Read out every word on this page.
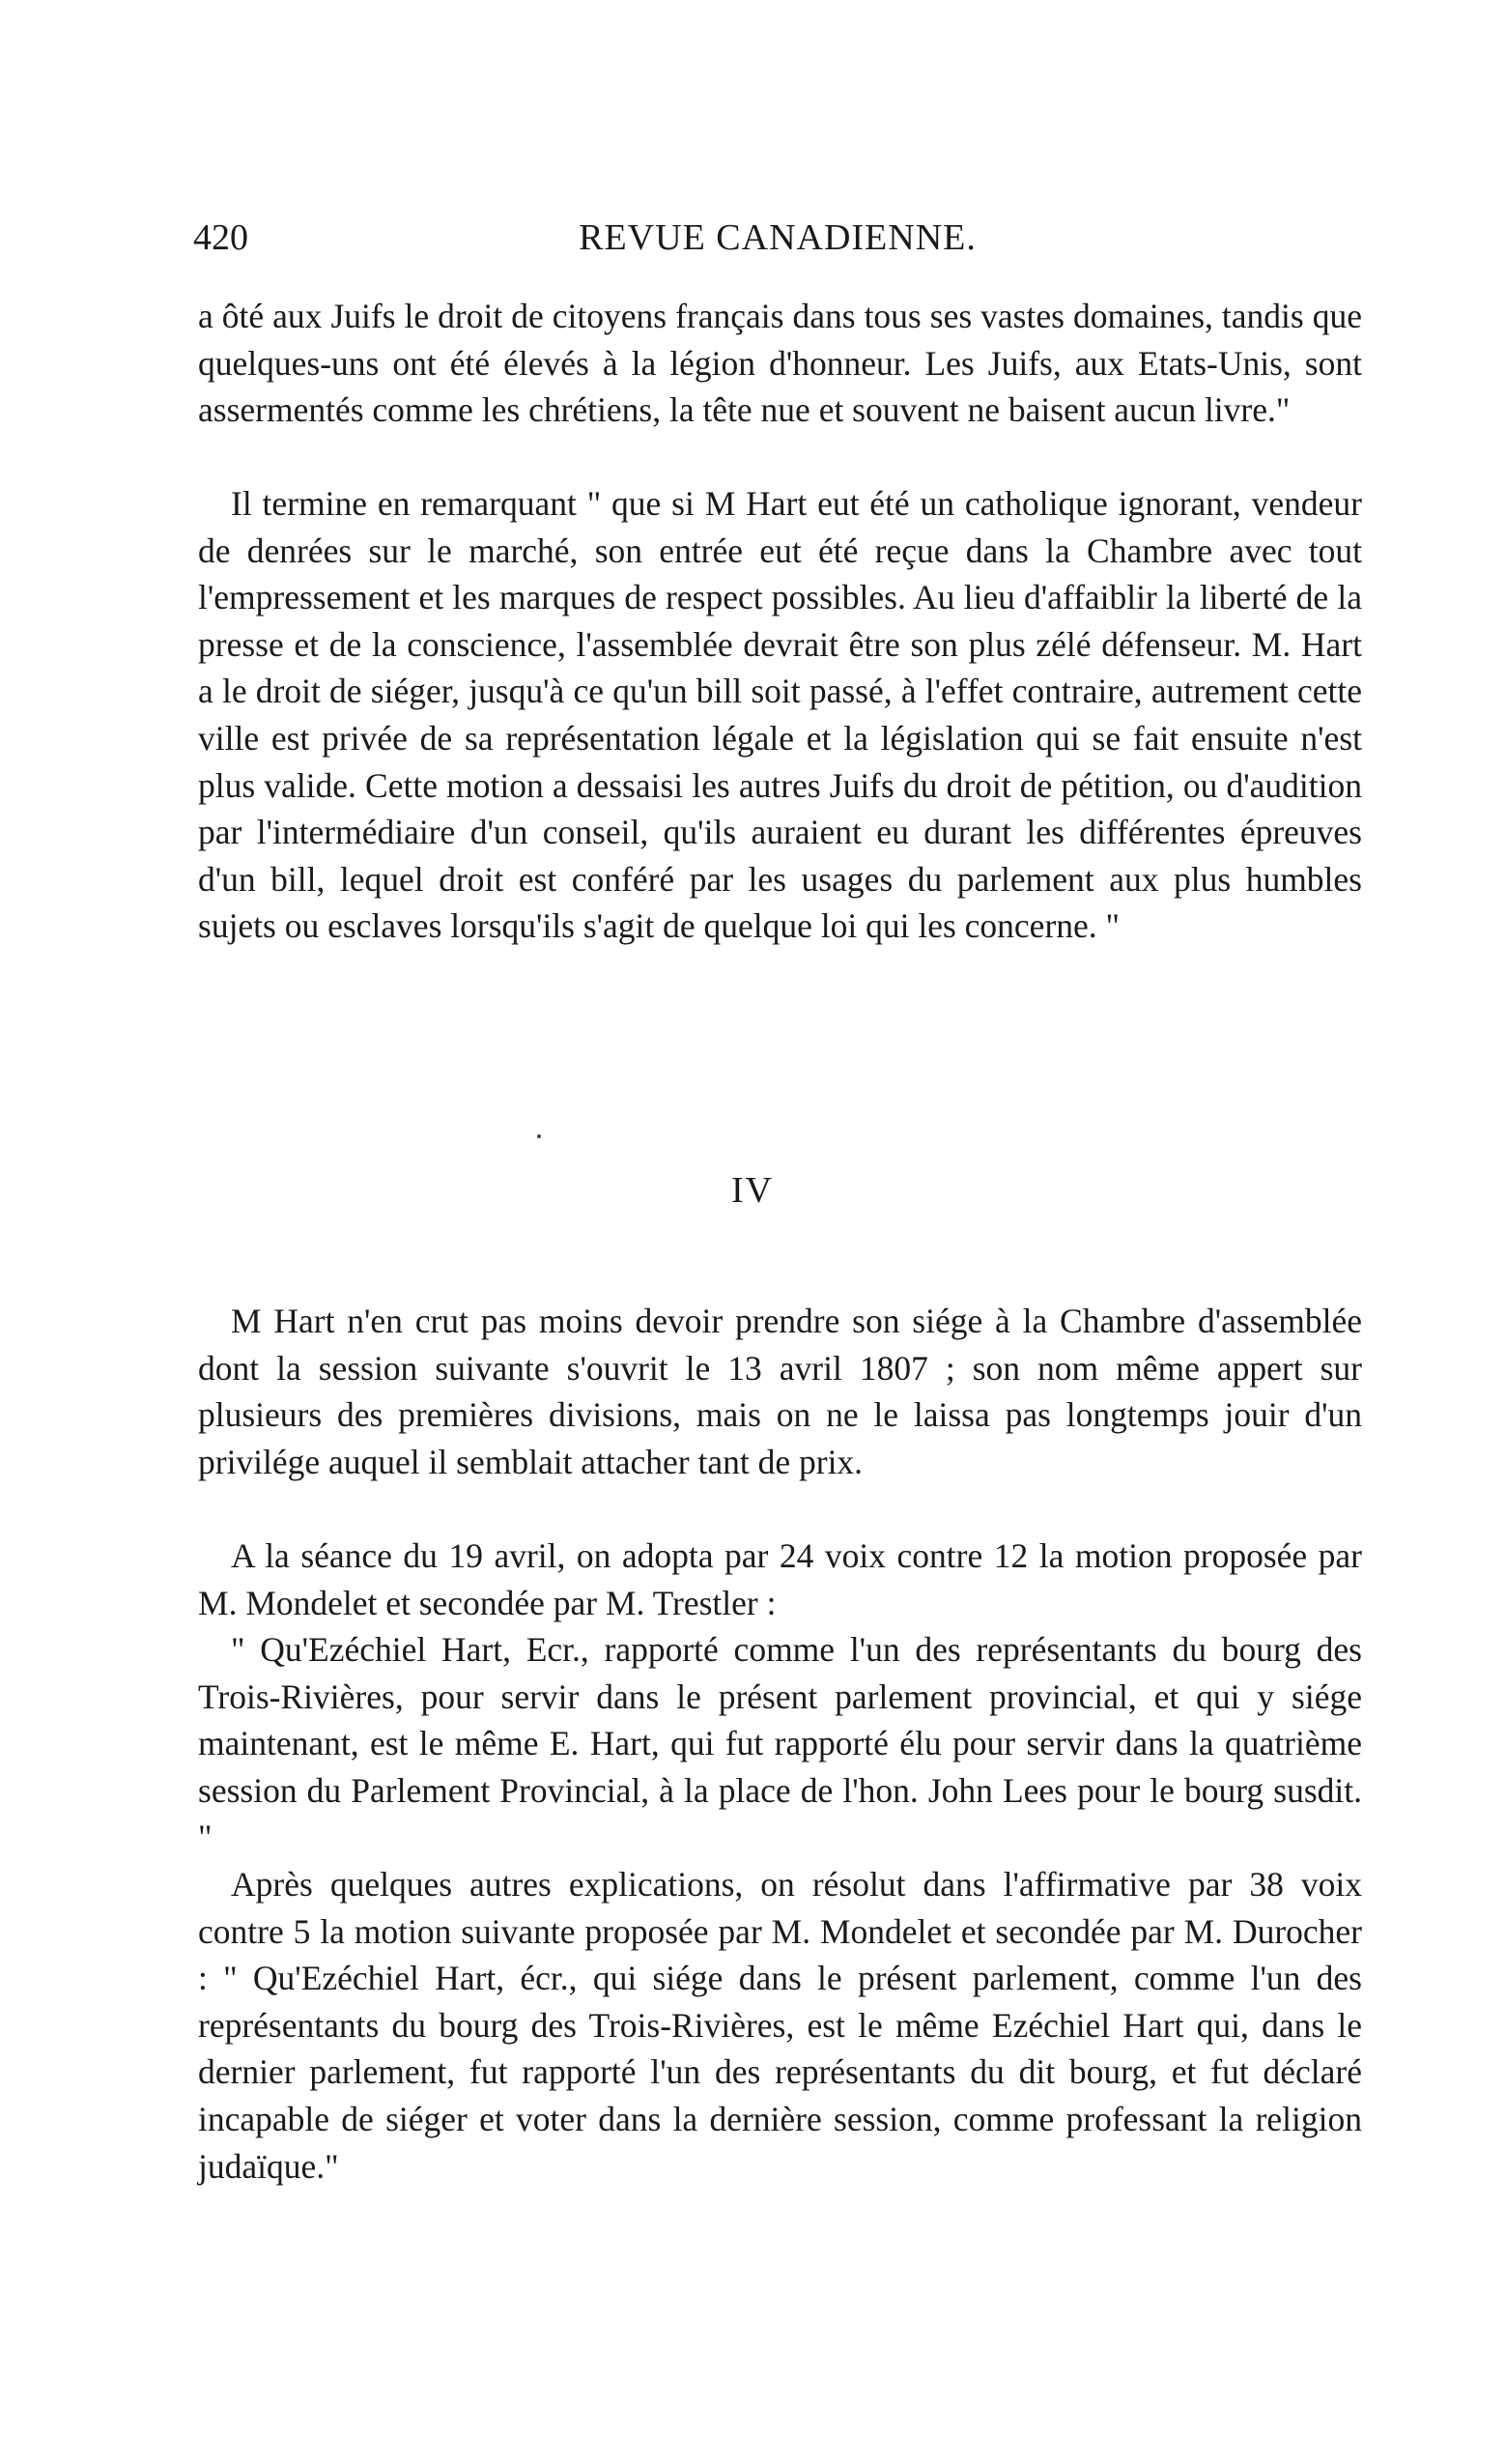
420	REVUE CANADIENNE.

a ôté aux Juifs le droit de citoyens français dans tous ses vastes domaines, tandis que quelques-uns ont été élevés à la légion d'honneur. Les Juifs, aux Etats-Unis, sont assermentés comme les chrétiens, la tête nue et souvent ne baisent aucun livre."

Il termine en remarquant " que si M Hart eut été un catholique ignorant, vendeur de denrées sur le marché, son entrée eut été reçue dans la Chambre avec tout l'empressement et les marques de respect possibles. Au lieu d'affaiblir la liberté de la presse et de la conscience, l'assemblée devrait être son plus zélé défenseur. M. Hart a le droit de siéger, jusqu'à ce qu'un bill soit passé, à l'effet contraire, autrement cette ville est privée de sa représentation légale et la législation qui se fait ensuite n'est plus valide. Cette motion a dessaisi les autres Juifs du droit de pétition, ou d'audition par l'intermédiaire d'un conseil, qu'ils auraient eu durant les différentes épreuves d'un bill, lequel droit est conféré par les usages du parlement aux plus humbles sujets ou esclaves lorsqu'ils s'agit de quelque loi qui les concerne. "

IV

M Hart n'en crut pas moins devoir prendre son siége à la Chambre d'assemblée dont la session suivante s'ouvrit le 13 avril 1807 ; son nom même appert sur plusieurs des premières divisions, mais on ne le laissa pas longtemps jouir d'un privilége auquel il semblait attacher tant de prix.

A la séance du 19 avril, on adopta par 24 voix contre 12 la motion proposée par M. Mondelet et secondée par M. Trestler :

" Qu'Ezéchiel Hart, Ecr., rapporté comme l'un des représentants du bourg des Trois-Rivières, pour servir dans le présent parlement provincial, et qui y siége maintenant, est le même E. Hart, qui fut rapporté élu pour servir dans la quatrième session du Parlement Provincial, à la place de l'hon. John Lees pour le bourg susdit. "

Après quelques autres explications, on résolut dans l'affirmative par 38 voix contre 5 la motion suivante proposée par M. Mondelet et secondée par M. Durocher : " Qu'Ezéchiel Hart, écr., qui siége dans le présent parlement, comme l'un des représentants du bourg des Trois-Rivières, est le même Ezéchiel Hart qui, dans le dernier parlement, fut rapporté l'un des représentants du dit bourg, et fut déclaré incapable de siéger et voter dans la dernière session, comme professant la religion judaïque."
